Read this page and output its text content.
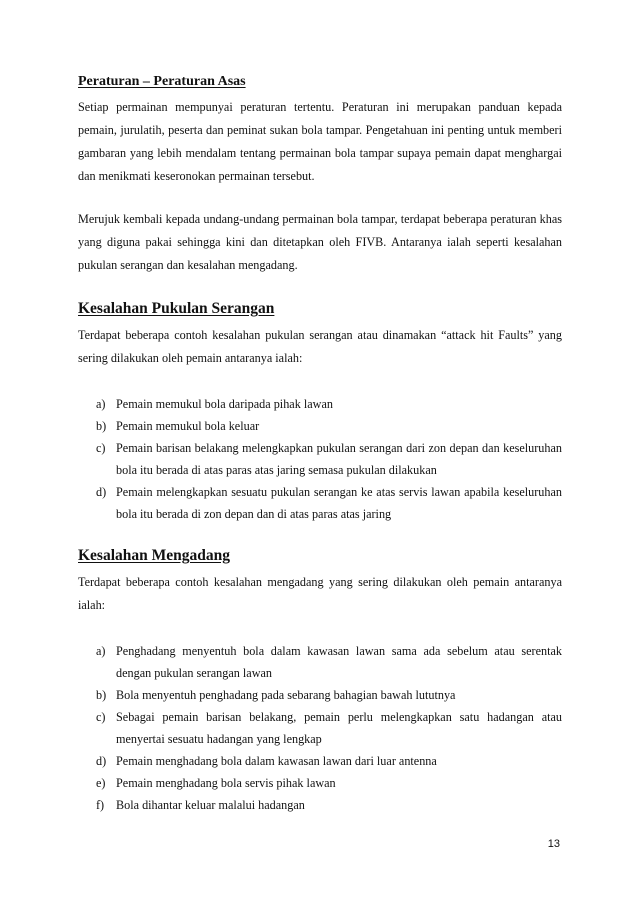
Peraturan – Peraturan Asas
Setiap permainan mempunyai peraturan tertentu. Peraturan ini merupakan panduan kepada pemain, jurulatih, peserta dan peminat sukan bola tampar. Pengetahuan ini penting untuk memberi gambaran yang lebih mendalam tentang permainan bola tampar supaya pemain dapat menghargai dan menikmati keseronokan permainan tersebut.
Merujuk kembali kepada undang-undang permainan bola tampar, terdapat beberapa peraturan khas yang diguna pakai sehingga kini dan ditetapkan oleh FIVB. Antaranya ialah seperti kesalahan pukulan serangan dan kesalahan mengadang.
Kesalahan Pukulan Serangan
Terdapat beberapa contoh kesalahan pukulan serangan atau dinamakan “attack hit Faults” yang sering dilakukan oleh pemain antaranya ialah:
a) Pemain memukul bola daripada pihak lawan
b) Pemain memukul bola keluar
c) Pemain barisan belakang melengkapkan pukulan serangan dari zon depan dan keseluruhan bola itu berada di atas paras atas jaring semasa pukulan dilakukan
d) Pemain melengkapkan sesuatu pukulan serangan ke atas servis lawan apabila keseluruhan bola itu berada di zon depan dan di atas paras atas jaring
Kesalahan Mengadang
Terdapat beberapa contoh kesalahan mengadang yang sering dilakukan oleh pemain antaranya ialah:
a) Penghadang menyentuh bola dalam kawasan lawan sama ada sebelum atau serentak dengan pukulan serangan lawan
b) Bola menyentuh penghadang pada sebarang bahagian bawah lututnya
c) Sebagai pemain barisan belakang, pemain perlu melengkapkan satu hadangan atau menyertai sesuatu hadangan yang lengkap
d) Pemain menghadang bola dalam kawasan lawan dari luar antenna
e) Pemain menghadang bola servis pihak lawan
f) Bola dihantar keluar malalui hadangan
13
